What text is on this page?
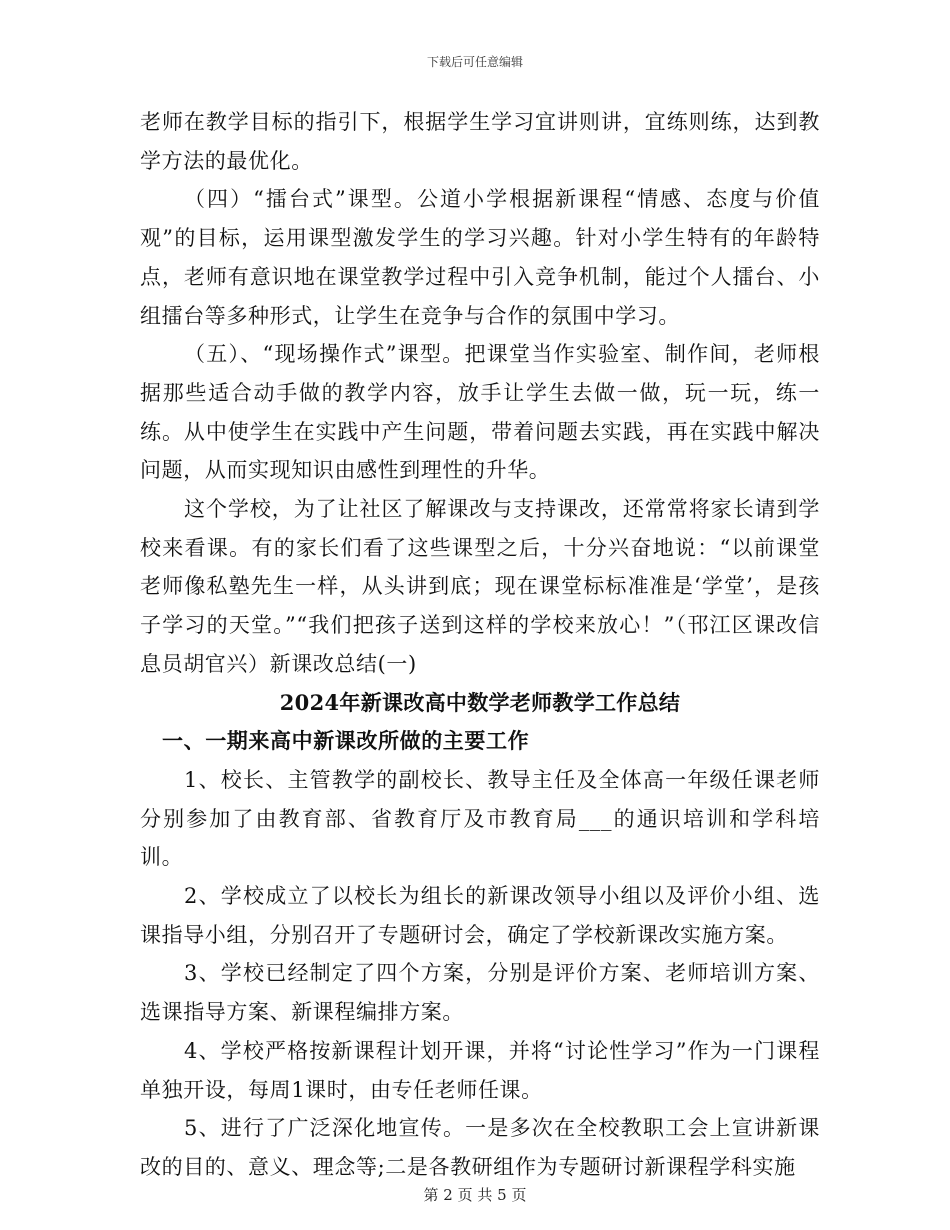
下载后可任意编辑

老师在教学目标的指引下，根据学生学习宜讲则讲，宜练则练，达到教学方法的最优化。

（四）“擂台式”课型。公道小学根据新课程“情感、态度与价值观”的目标，运用课型激发学生的学习兴趣。针对小学生特有的年龄特点，老师有意识地在课堂教学过程中引入竞争机制，能过个人擂台、小组擂台等多种形式，让学生在竞争与合作的氛围中学习。

（五）、“现场操作式”课型。把课堂当作实验室、制作间，老师根据那些适合动手做的教学内容，放手让学生去做一做，玩一玩，练一练。从中使学生在实践中产生问题，带着问题去实践，再在实践中解决问题，从而实现知识由感性到理性的升华。

这个学校，为了让社区了解课改与支持课改，还常常将家长请到学校来看课。有的家长们看了这些课型之后，十分兴奋地说：“以前课堂老师像私塾先生一样，从头讲到底；现在课堂标标准准是‘学堂’，是孩子学习的天堂。”“我们把孩子送到这样的学校来放心！”（邗江区课改信息员胡官兴）新课改总结(一)

2024年新课改高中数学老师教学工作总结

一、一期来高中新课改所做的主要工作

1、校长、主管教学的副校长、教导主任及全体高一年级任课老师分别参加了由教育部、省教育厅及市教育局___的通识培训和学科培训。

2、学校成立了以校长为组长的新课改领导小组以及评价小组、选课指导小组，分别召开了专题研讨会，确定了学校新课改实施方案。

3、学校已经制定了四个方案，分别是评价方案、老师培训方案、选课指导方案、新课程编排方案。

4、学校严格按新课程计划开课，并将“讨论性学习”作为一门课程单独开设，每周1课时，由专任老师任课。

5、进行了广泛深化地宣传。一是多次在全校教职工会上宣讲新课改的目的、意义、理念等;二是各教研组作为专题研讨新课程学科实施

第 2 页 共 5 页
